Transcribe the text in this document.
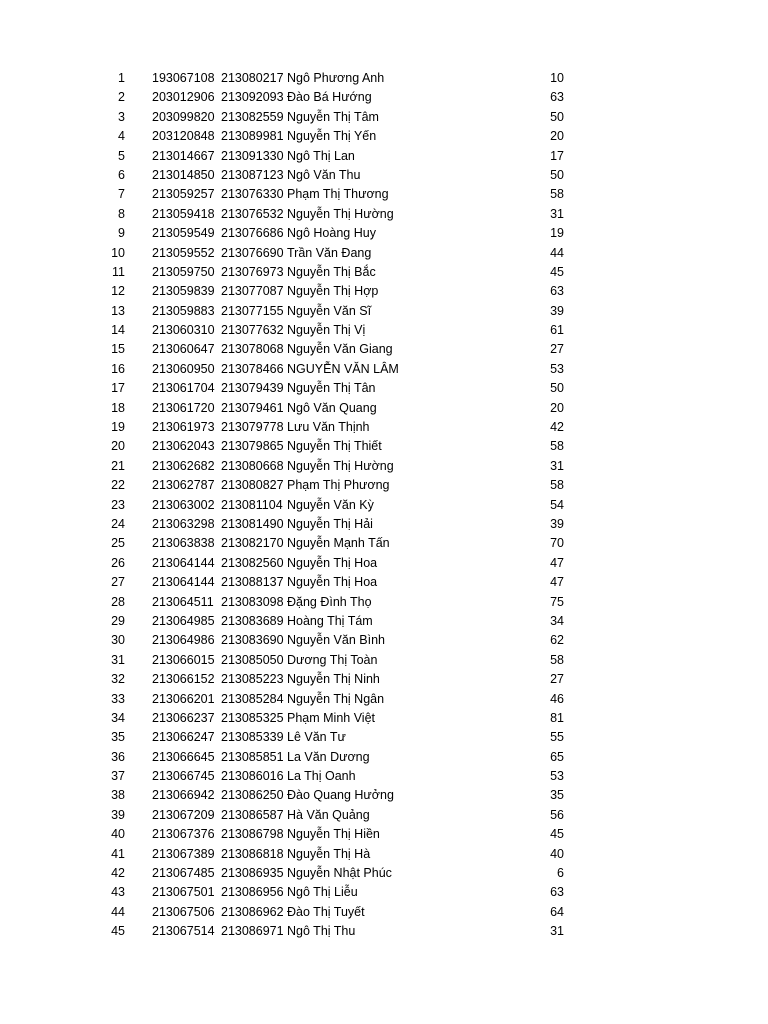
1 193067108 213080217 Ngô Phương Anh	10
2 203012906 213092093 Đào Bá Hướng	63
3 203099820 213082559 Nguyễn Thị Tâm	50
4 203120848 213089981 Nguyễn Thị Yến	20
5 213014667 213091330 Ngô Thị Lan	17
6 213014850 213087123 Ngô Văn Thu	50
7 213059257 213076330 Phạm Thị Thương	58
8 213059418 213076532 Nguyễn Thị Hường	31
9 213059549 213076686 Ngô Hoàng Huy	19
10 213059552 213076690 Trần Văn Đang	44
11 213059750 213076973 Nguyễn Thị Bắc	45
12 213059839 213077087 Nguyễn Thị Hợp	63
13 213059883 213077155 Nguyễn Văn Sĩ	39
14 213060310 213077632 Nguyễn Thị Vị	61
15 213060647 213078068 Nguyễn Văn Giang	27
16 213060950 213078466 NGUYỄN VĂN LÂM	53
17 213061704 213079439 Nguyễn Thị Tân	50
18 213061720 213079461 Ngô Văn Quang	20
19 213061973 213079778 Lưu Văn Thịnh	42
20 213062043 213079865 Nguyễn Thị Thiết	58
21 213062682 213080668 Nguyễn Thị Hường	31
22 213062787 213080827 Phạm Thị Phương	58
23 213063002 213081104 Nguyễn Văn Kỳ	54
24 213063298 213081490 Nguyễn Thị Hải	39
25 213063838 213082170 Nguyễn Mạnh Tấn	70
26 213064144 213082560 Nguyễn Thị Hoa	47
27 213064144 213088137 Nguyễn Thị Hoa	47
28 213064511 213083098 Đặng Đình Thọ	75
29 213064985 213083689 Hoàng Thị Tám	34
30 213064986 213083690 Nguyễn Văn Bình	62
31 213066015 213085050 Dương Thị Toàn	58
32 213066152 213085223 Nguyễn Thị Ninh	27
33 213066201 213085284 Nguyễn Thị Ngân	46
34 213066237 213085325 Phạm Minh Việt	81
35 213066247 213085339 Lê Văn Tư	55
36 213066645 213085851 La Văn Dương	65
37 213066745 213086016 La Thị Oanh	53
38 213066942 213086250 Đào Quang Hưởng	35
39 213067209 213086587 Hà Văn Quảng	56
40 213067376 213086798 Nguyễn Thị Hiền	45
41 213067389 213086818 Nguyễn Thị Hà	40
42 213067485 213086935 Nguyễn Nhật Phúc	6
43 213067501 213086956 Ngô Thị Liễu	63
44 213067506 213086962 Đào Thị Tuyết	64
45 213067514 213086971 Ngô Thị Thu	31
